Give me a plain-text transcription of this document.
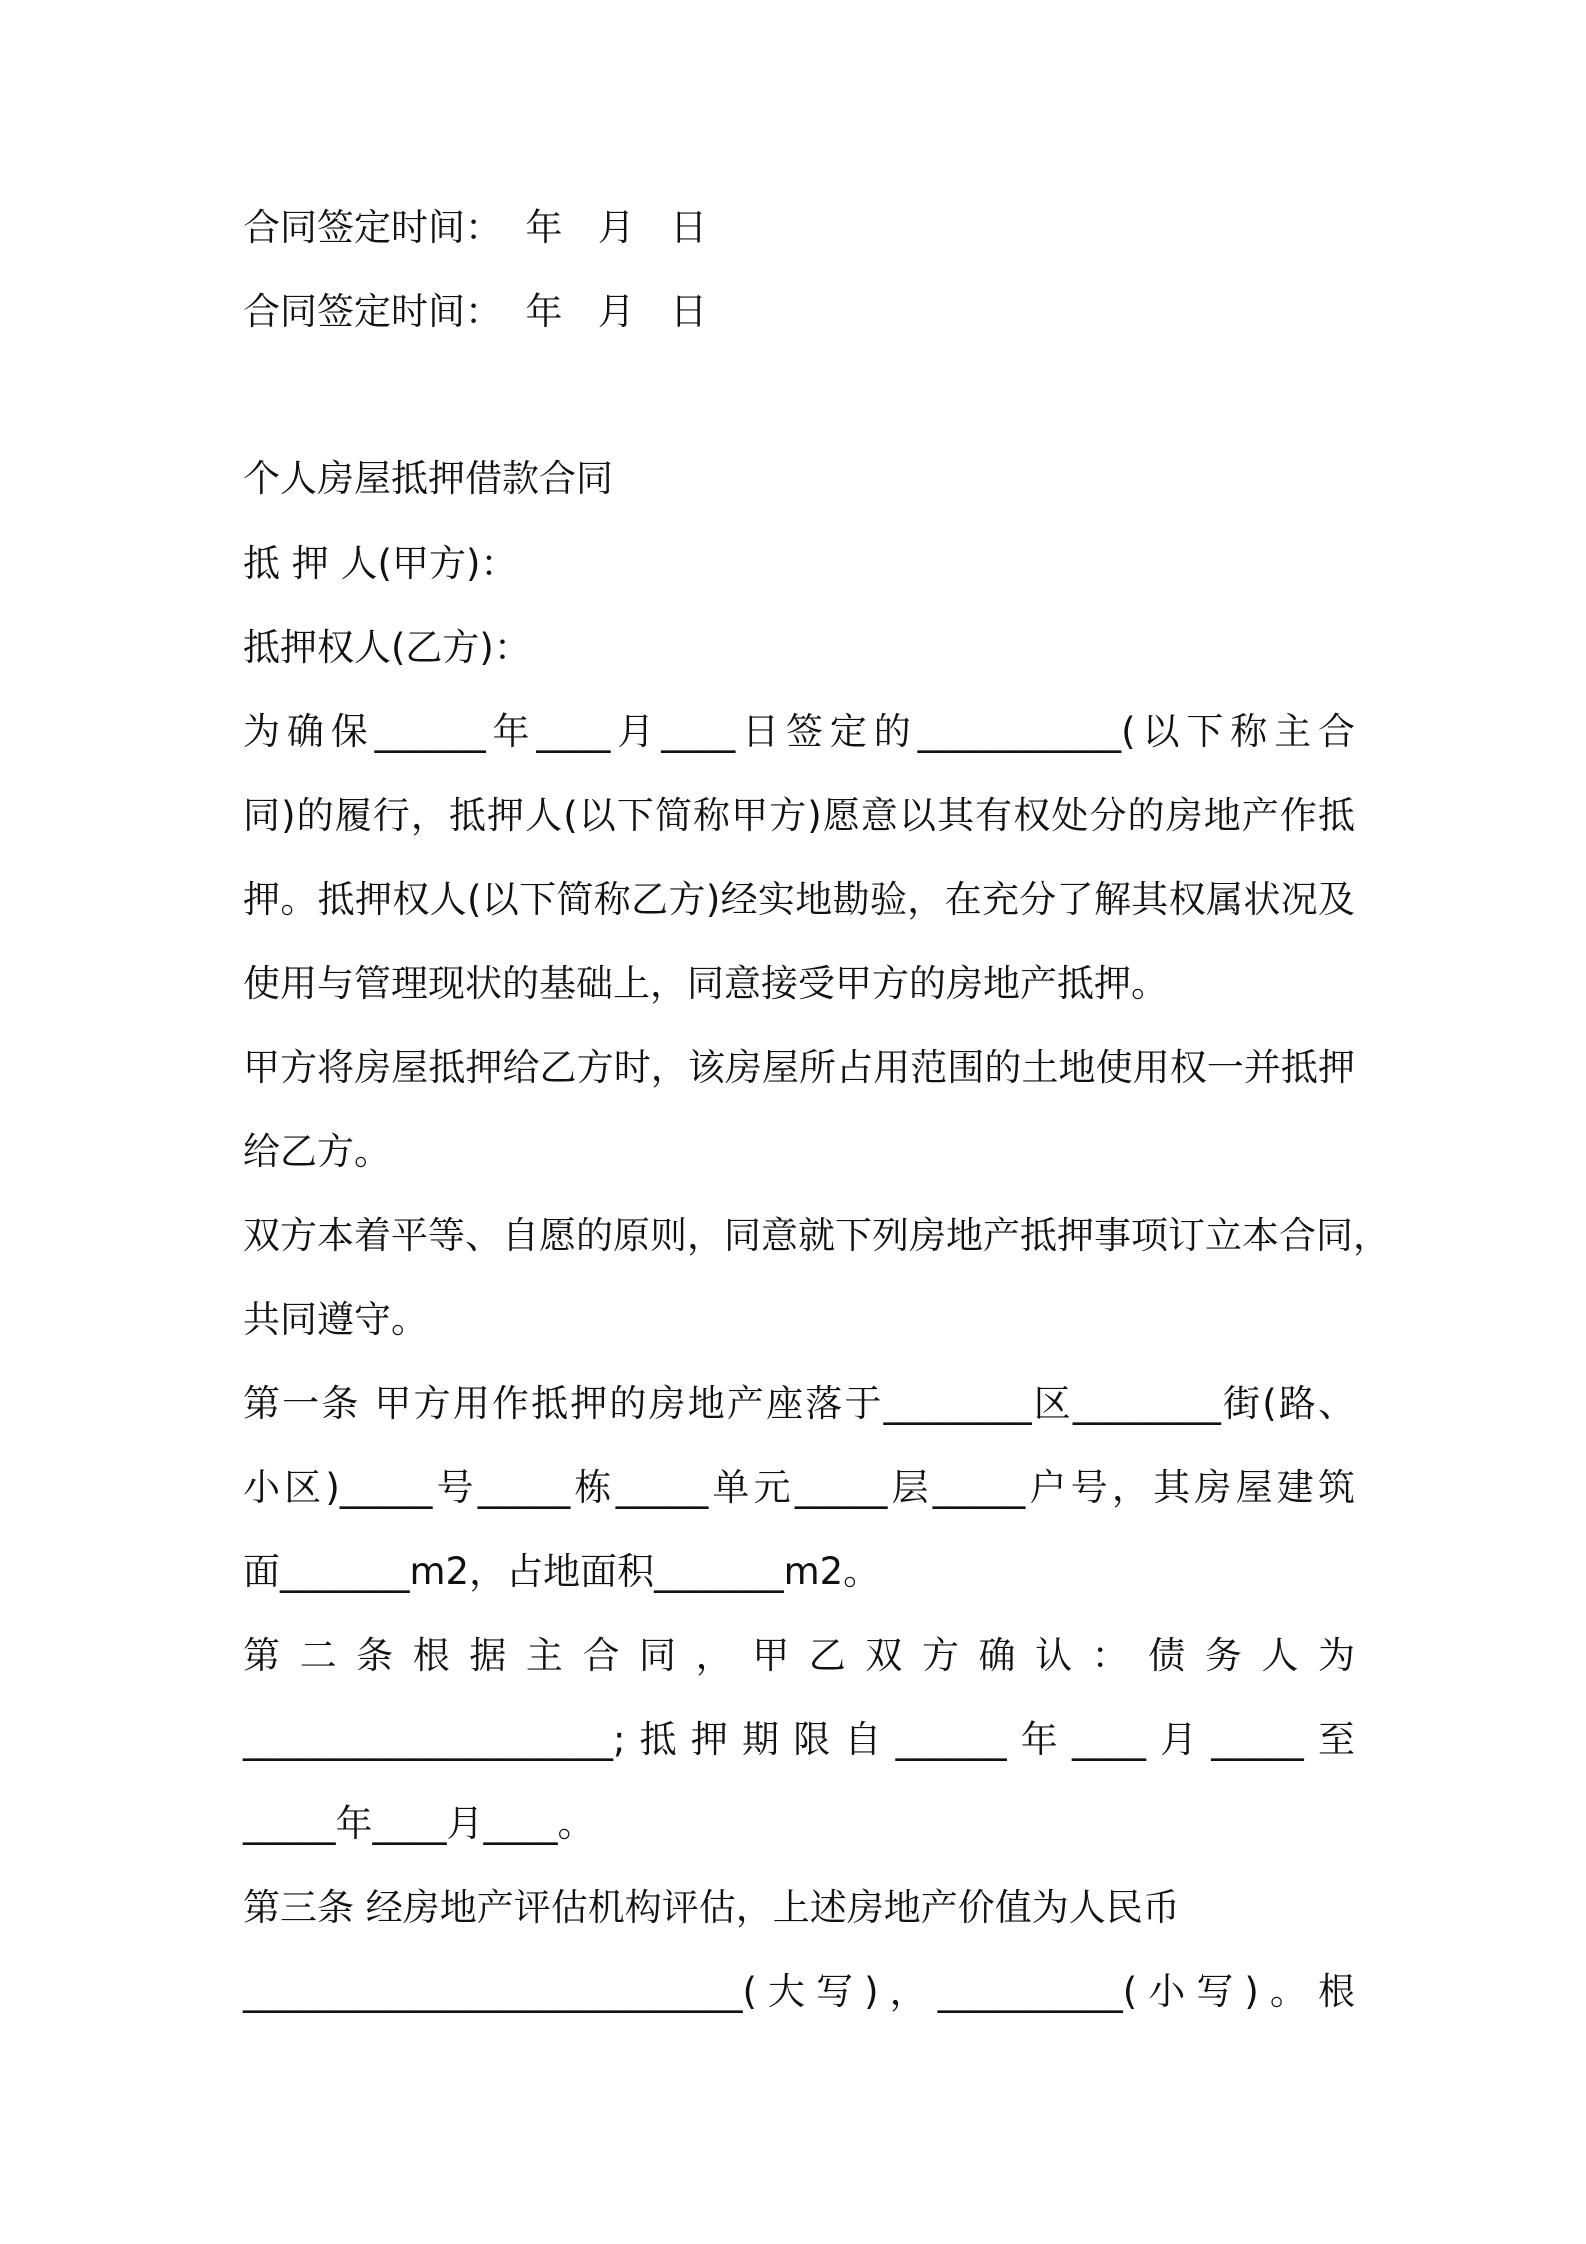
合同签定时间：  年   月   日
合同签定时间：  年   月   日
个人房屋抵押借款合同
抵 押 人(甲方)：
抵押权人(乙方)：
为确保______年____月____日签定的___________(以下称主合
同)的履行，抵押人(以下简称甲方)愿意以其有权处分的房地产作抵
押。抵押权人(以下简称乙方)经实地勘验，在充分了解其权属状况及
使用与管理现状的基础上，同意接受甲方的房地产抵押。
甲方将房屋抵押给乙方时，该房屋所占用范围的土地使用权一并抵押
给乙方。
双方本着平等、自愿的原则，同意就下列房地产抵押事项订立本合同，
共同遵守。
第一条 甲方用作抵押的房地产座落于________区________街(路、
小区)_____号_____栋_____单元_____层_____户号，其房屋建筑
面_______m2，占地面积_______m2。
第 二 条 根 据 主 合 同 ， 甲 乙 双 方 确 认 ： 债 务 人 为
____________________;抵押期限自______年____月_____至
_____年____月____。
第三条 经房地产评估机构评估，上述房地产价值为人民币
___________________________(大写)，__________(小写)。根
